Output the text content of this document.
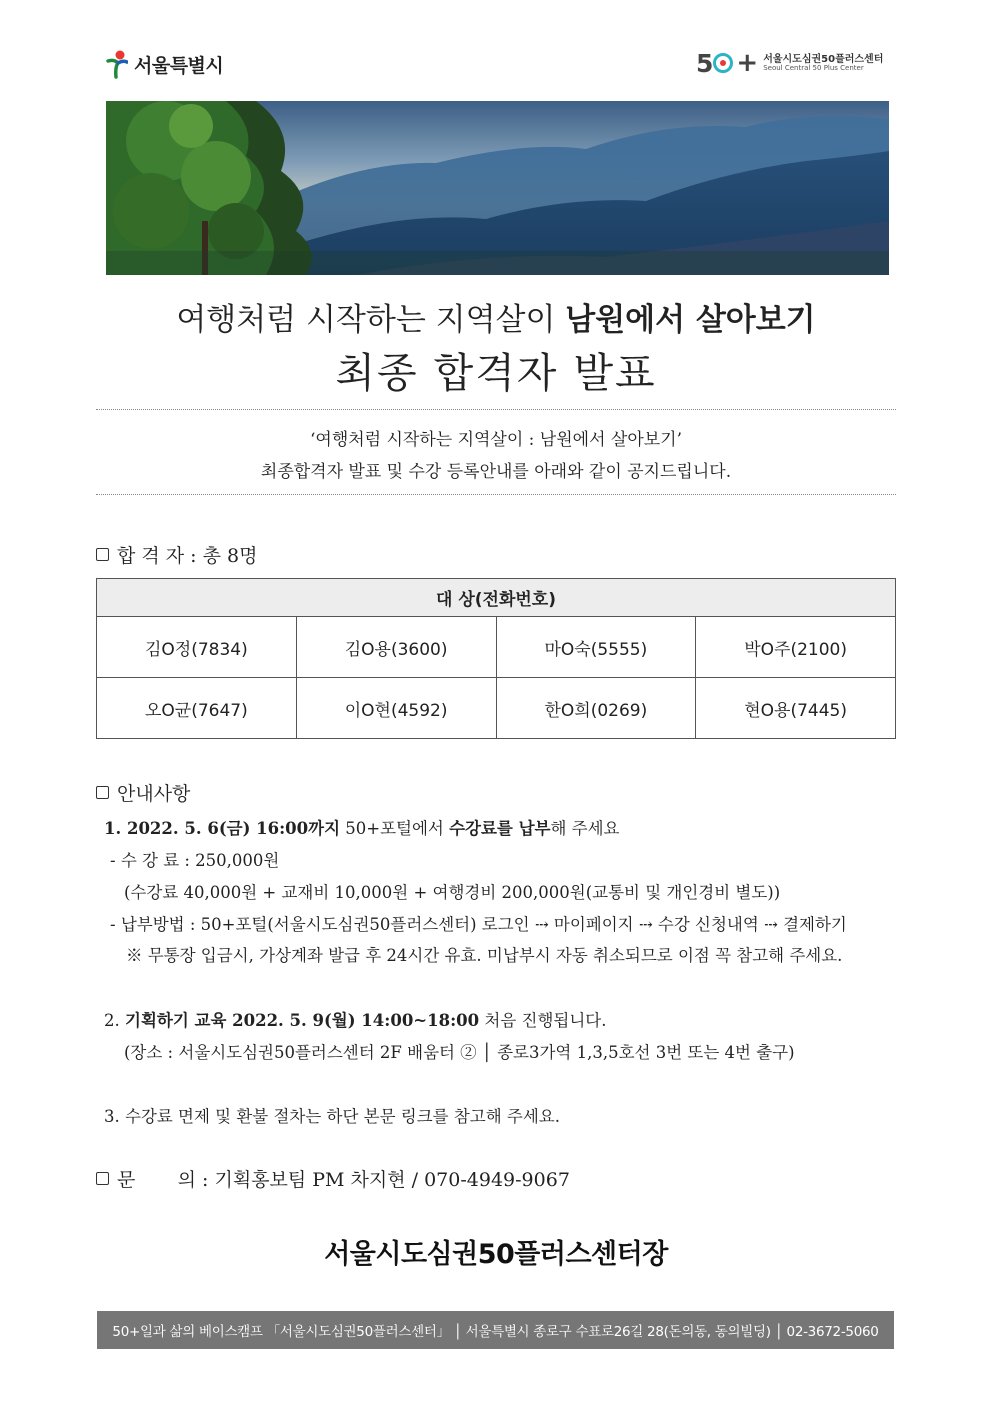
서울특별시	5 + 서울시도심권50플러스센터
Seoul Central 50 Plus Center
여행처럼 시작하는 지역살이 남원에서 살아보기
최종 합격자 발표
‘여행처럼 시작하는 지역살이 : 남원에서 살아보기’
최종합격자 발표 및 수강 등록안내를 아래와 같이 공지드립니다.
합 격 자 : 총 8명
대 상(전화번호)			
김O정(7834)	김O용(3600)	마O숙(5555)	박O주(2100)
오O균(7647)	이O현(4592)	한O희(0269)	현O용(7445)
안내사항
1. 2022. 5. 6(금) 16:00까지 50+포털에서 수강료를 납부해 주세요
- 수 강 료 : 250,000원
(수강료 40,000원 + 교재비 10,000원 + 여행경비 200,000원(교통비 및 개인경비 별도))
- 납부방법 : 50+포털(서울시도심권50플러스센터) 로그인 ⤏ 마이페이지 ⤏ 수강 신청내역 ⤏ 결제하기
※ 무통장 입금시, 가상계좌 발급 후 24시간 유효. 미납부시 자동 취소되므로 이점 꼭 참고해 주세요.
2. 기획하기 교육 2022. 5. 9(월) 14:00~18:00 처음 진행됩니다.
(장소 : 서울시도심권50플러스센터 2F 배움터 ② │ 종로3가역 1,3,5호선 3번 또는 4번 출구)
3. 수강료 면제 및 환불 절차는 하단 본문 링크를 참고해 주세요.
문       의 : 기획홍보팀 PM 차지현 / 070-4949-9067
서울시도심권50플러스센터장
50+일과 삶의 베이스캠프 「서울시도심권50플러스센터」 │ 서울특별시 종로구 수표로26길 28(돈의동, 동의빌딩) │ 02-3672-5060
